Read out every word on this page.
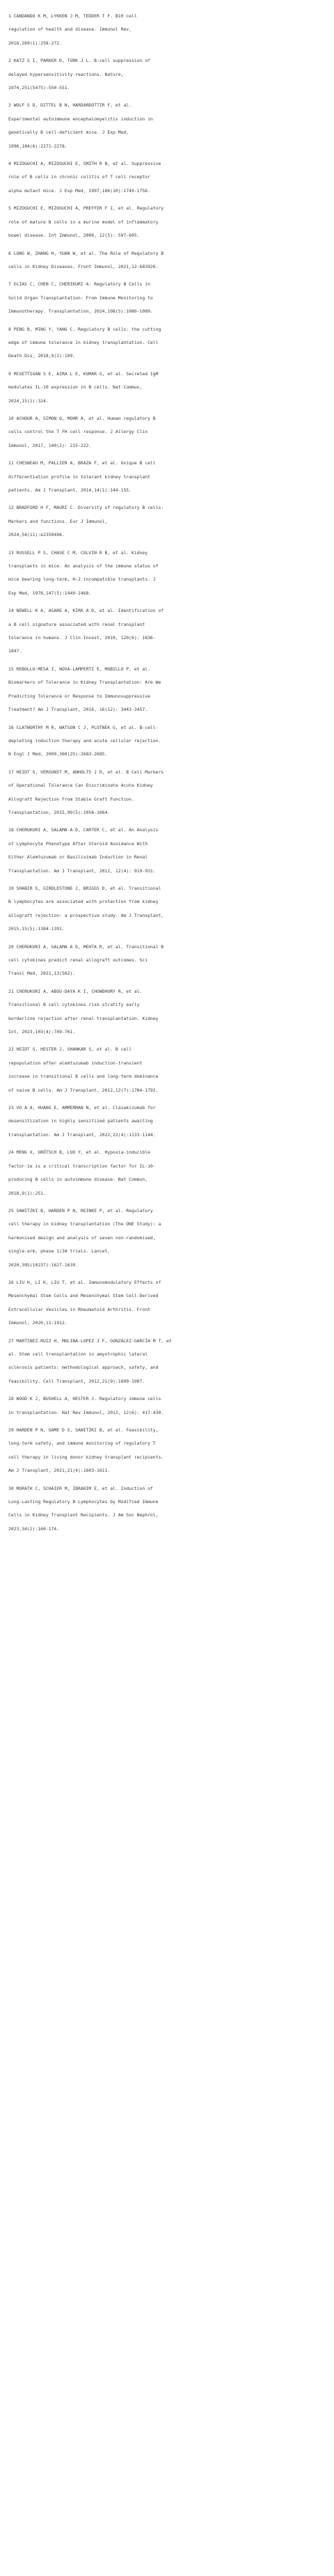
1 CANDANDO K M, LYKKEN J M, TEDDER T F. B10 cell
regulation of health and disease. Immunol Rev,
2016,269(1):258-272.
2 KATZ S I, PARKER D, TURK J L. B-cell suppression of
delayed hypersensitivity reactions. Nature,
1974,251(5475):550-551.
3 WOLF S D, DITTEL B N, HARDARDOTTIR F, et al.
Experimental autoimmune encephalomyelitis induction in
genetically B cell-deficient mice. J Exp Med,
1996,184(6):2271-2278.
4 MIZOGUCHI A, MIZOGUCHI E, SMITH R N, et al. Suppressive
role of B cells in chronic colitis of T cell receptor
alpha mutant mice. J Exp Med, 1997,186(10):1749-1756.
5 MIZOGUCHI E, MIZOGUCHI A, PREFFER F I, et al. Regulatory
role of mature B cells in a murine model of inflammatory
bowel disease. Int Immunol, 2000, 12(5): 597-605.
6 LONG W, ZHANG H, YUAN W, et al. The Role of Regulatory B
cells in Kidney Diseases. Front Immunol, 2021,12:683926.
7 ELIAS C, CHEN C, CHERIKURI A. Regulatory B Cells in
Solid Organ Transplantation: From Immune Monitoring to
Immunotherapy. Transplantation, 2024,108(5):1080-1089.
8 PENG B, MING Y, YANG C. Regulatory B cells: the cutting
edge of immune tolerance in kidney transplantation. Cell
Death Dis, 2018,9(2):109.
9 MCGETTIGAN S E, AIRA L E, KUMAR G, et al. Secreted IgM
modulates IL-10 expression in B cells. Nat Commun,
2024,15(1):324.
10 ACHOUR A, SIMON Q, MOHR A, et al. Human regulatory B
cells control the T FH cell response. J Allergy Clin
Immunol, 2017, 140(1): 215-222.
11 CHESNEAU M, PALLIER A, BRAZA F, et al. Unique B cell
differentiation profile in tolerant kidney transplant
patients. Am J Transplant, 2014,14(1):144-155.
12 BRADFORD H F, MAURI C. Diversity of regulatory B cells:
Markers and functions. Eur J Immunol,
2024,54(11):e2350496.
13 RUSSELL P S, CHASE C M, COLVIN R B, et al. Kidney
transplants in mice. An analysis of the immune status of
mice bearing long-term, H-2 incompatible transplants. J
Exp Med, 1978,147(5):1449-1468.
14 NEWELL K A, ASARE A, KIRK A D, et al. Identification of
a B cell signature associated with renal transplant
tolerance in humans. J Clin Invest, 2010, 120(6): 1836-
1847.
15 REBOLLO-MESA I, NOVA-LAMPERTI E, MOBILLO P, et al.
Biomarkers of Tolerance in Kidney Transplantation: Are We
Predicting Tolerance or Response to Immunosuppressive
Treatment? Am J Transplant, 2016, 16(12): 3443-3457.
16 CLATWORTHY M R, WATSON C J, PLOTNEK G, et al. B-cell-
depleting induction therapy and acute cellular rejection.
N Engl J Med, 2009,360(25):2683-2685.
17 HEIDT S, VERGUNST M, ANHOLTS J D, et al. B Cell Markers
of Operational Tolerance Can Discriminate Acute Kidney
Allograft Rejection From Stable Graft Function.
Transplantation, 2015,99(5):1058-1064.
18 CHERUKURI A, SALAMA A D, CARTER C, et al. An Analysis
of Lymphocyte Phenotype After Steroid Avoidance With
Either Alemtuzumab or Basiliximab Induction in Renal
Transplantation. Am J Transplant, 2012, 12(4): 919-931.
19 SHABIR S, GIRDLESTONE J, BRIGGS D, et al. Transitional
B lymphocytes are associated with protection from kidney
allograft rejection: a prospective study. Am J Transplant,
2015,15(5):1384-1391.
20 CHERUKURI A, SALAMA A D, MEHTA R, et al. Transitional B
cell cytokines predict renal allograft outcomes. Sci
Transl Med, 2021,13(582).
21 CHERUKURI A, ABOU-DAYA K I, CHOWDHURY R, et al.
Transitional B cell cytokines risk stratify early
borderline rejection after renal transplantation. Kidney
Int, 2023,103(4):749-761.
22 HEIDT S, HESTER J, SHANKAR S, et al. B cell
repopulation after alemtuzumab induction-transient
increase in transitional B cells and long-term dominance
of naive B cells. Am J Transplant, 2012,12(7):1784-1792.
23 VO A A, HUANG E, AMMERMAN N, et al. Clazakizumab for
desensitization in highly sensitized patients awaiting
transplantation. Am J Transplant, 2022,22(4):1133-1144.
24 MENG X, GRÖTSCH B, LUO Y, et al. Hypoxia-inducible
factor-1α is a critical transcription factor for IL-10-
producing B cells in autoimmune disease. Nat Commun,
2018,9(1):251.
25 SAWITZKI B, HARDEN P N, REINKE P, et al. Regulatory
cell therapy in kidney transplantation (The ONE Study): a
harmonised design and analysis of seven non-randomised,
single-arm, phase 1/2A trials. Lancet,
2020,395(10237):1627-1639.
26 LIU H, LI K, LIU T, et al. Immunomodulatory Effects of
Mesenchymal Stem Cells and Mesenchymal Stem Cell-Derived
Extracellular Vesicles in Rheumatoid Arthritis. Front
Immunol, 2020,11:1912.
27 MARTINEZ-RUIZ H, MOLINA-LOPEZ J F, GONZÁLEZ-GARCÍA M T, et
al. Stem cell transplantation in amyotrophic lateral
sclerosis patients: methodological approach, safety, and
feasibility. Cell Transplant, 2012,21(9):1899-1907.
28 WOOD K J, BUSHELL A, HESTER J. Regulatory immune cells
in transplantation. Nat Rev Immunol, 2012, 12(6): 417-430.
29 HARDEN P N, GAME D S, SAWITZKI B, et al. Feasibility,
long-term safety, and immune monitoring of regulatory T
cell therapy in living donor kidney transplant recipients.
Am J Transplant, 2021,21(4):1603-1611.
30 MORATH C, SCHAIER M, IBRAHIM E, et al. Induction of
Long-Lasting Regulatory B Lymphocytes by Modified Immune
Cells in Kidney Transplant Recipients. J Am Soc Nephrol,
2023,34(1):160-174.
